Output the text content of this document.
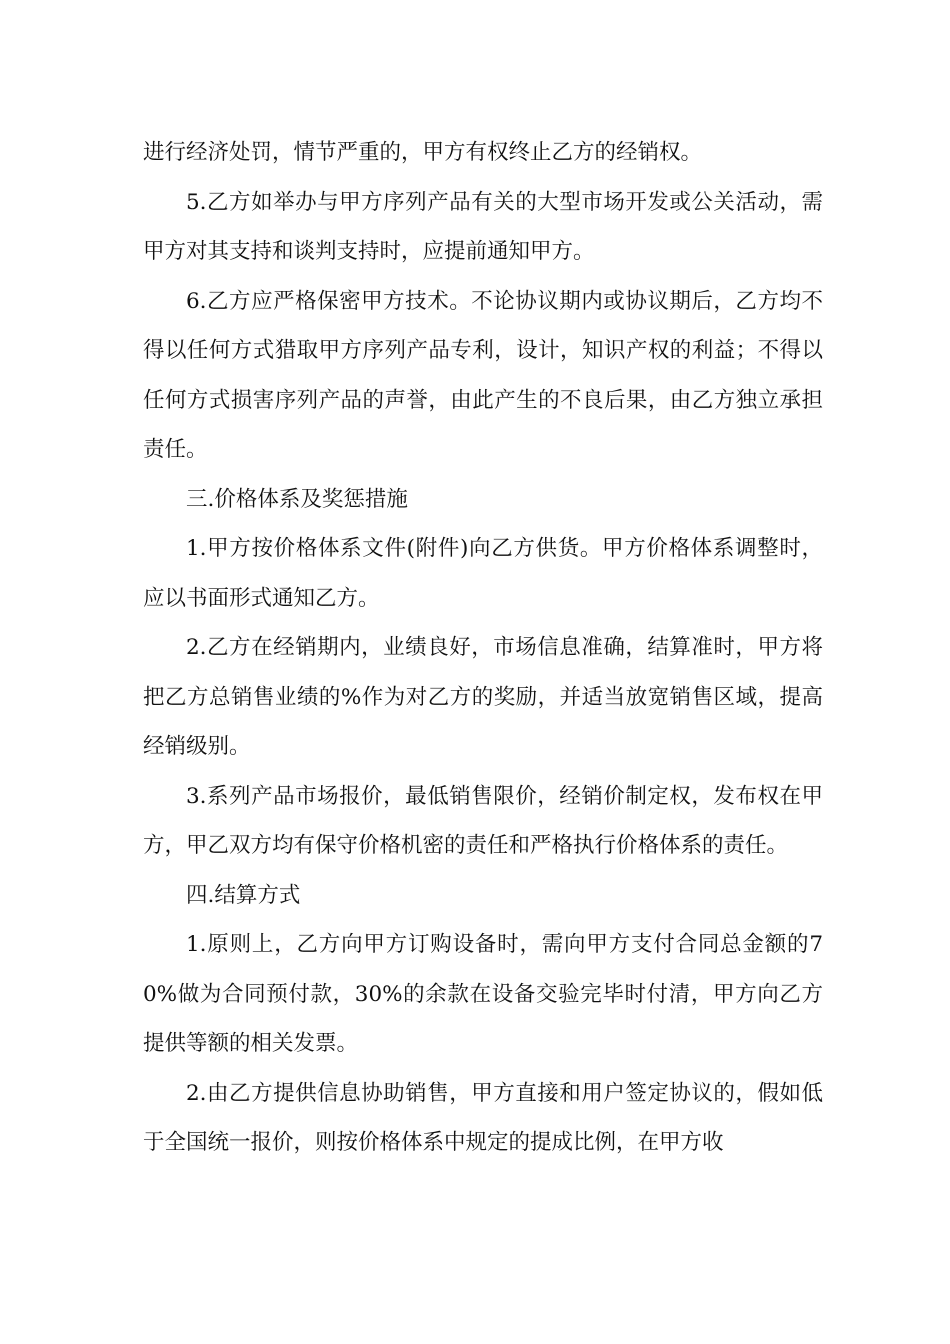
进行经济处罚，情节严重的，甲方有权终止乙方的经销权。

5.乙方如举办与甲方序列产品有关的大型市场开发或公关活动，需甲方对其支持和谈判支持时，应提前通知甲方。

6.乙方应严格保密甲方技术。不论协议期内或协议期后，乙方均不得以任何方式猎取甲方序列产品专利，设计，知识产权的利益；不得以任何方式损害序列产品的声誉，由此产生的不良后果，由乙方独立承担责任。

三.价格体系及奖惩措施

1.甲方按价格体系文件(附件)向乙方供货。甲方价格体系调整时，应以书面形式通知乙方。

2.乙方在经销期内，业绩良好，市场信息准确，结算准时，甲方将把乙方总销售业绩的%作为对乙方的奖励，并适当放宽销售区域，提高经销级别。

3.系列产品市场报价，最低销售限价，经销价制定权，发布权在甲方，甲乙双方均有保守价格机密的责任和严格执行价格体系的责任。

四.结算方式

1.原则上，乙方向甲方订购设备时，需向甲方支付合同总金额的70%做为合同预付款，30%的余款在设备交验完毕时付清，甲方向乙方提供等额的相关发票。

2.由乙方提供信息协助销售，甲方直接和用户签定协议的，假如低于全国统一报价，则按价格体系中规定的提成比例，在甲方收
